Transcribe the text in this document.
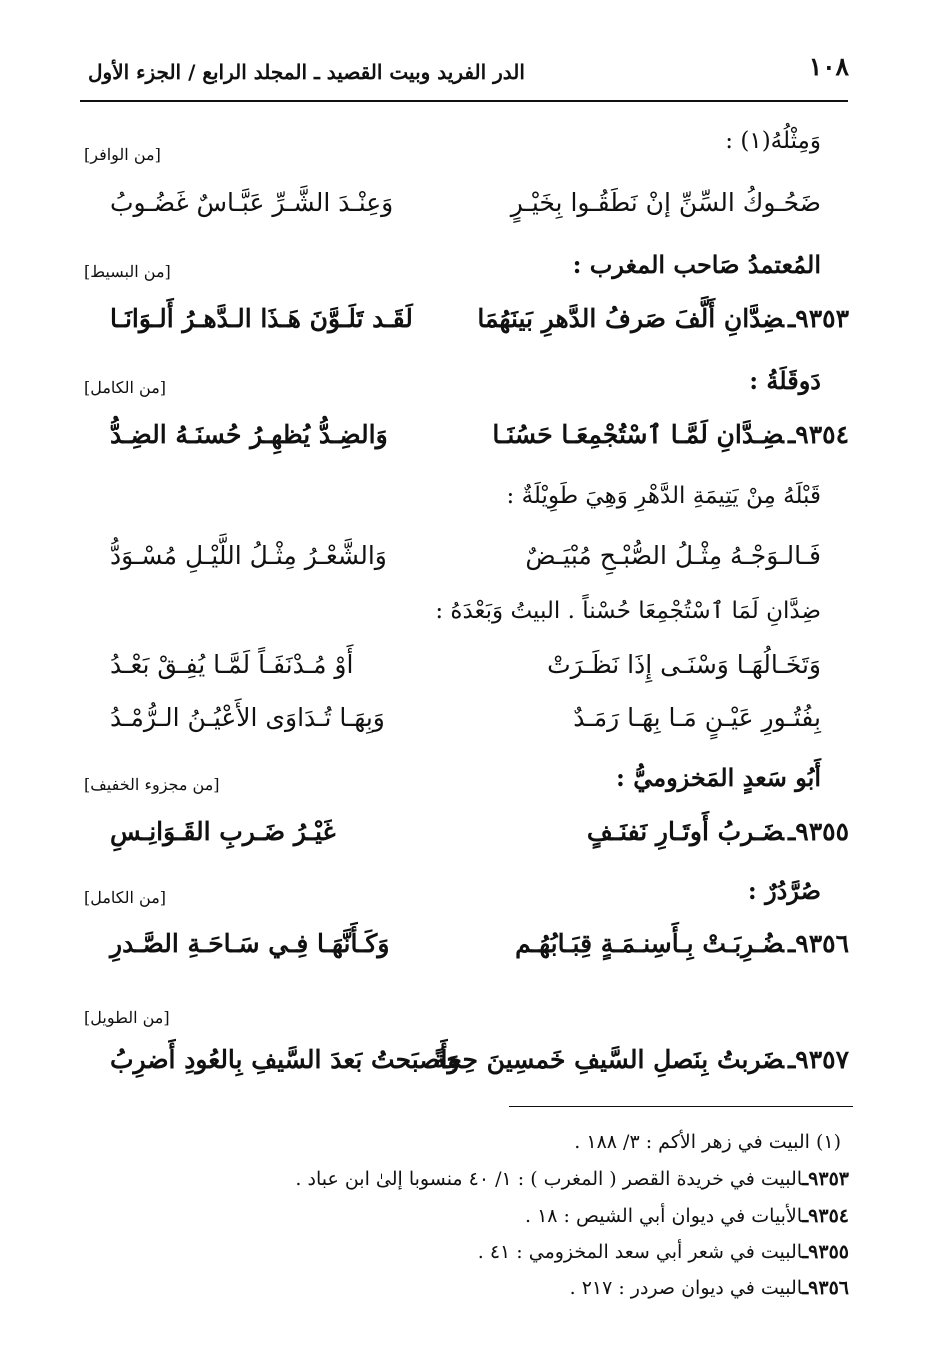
١٠٨
الدر الفريد وبيت القصيد ـ المجلد الرابع / الجزء الأول
وَمِثْلُهُ(١) :
[من الوافر]
ضَحُـوكُ السِّنِّ إنْ نَطَقُـوا بِخَيْـرٍ
وَعِنْـدَ الشَّـرِّ عَبَّـاسٌ غَضُـوبُ
المُعتمدُ صَاحب المغرب :
[من البسيط]
٩٣٥٣ـضِدَّانِ أَلَّفَ صَرفُ الدَّهرِ بَينَهُمَا
لَقَـد تَلَـوَّنَ هَـذَا الـدَّهـرُ أَلـوَانَـا
دَوقَلَةُ :
[من الكامل]
٩٣٥٤ـضِـدَّانِ لَمَّـا ٱسْتُجْمِعَـا حَسُنَـا
وَالضِـدُّ يُظهِـرُ حُسنَـهُ الضِـدُّ
قَبْلَهُ مِنْ يَتِيمَةِ الدَّهْرِ وَهِيَ طَوِيْلَةٌ :
فَـالـوَجْـهُ مِثْـلُ الصُّبْـحِ مُبْيَـضٌ
وَالشَّعْـرُ مِثْـلُ اللَّيْـلِ مُسْـوَدُّ
ضِدَّانِ لَمَا ٱسْتُجْمِعَا حُسْناً . البيتُ وَبَعْدَهُ :
وَتَخَـالُهَـا وَسْنَـى إِذَا نَظَـرَتْ
أَوْ مُـدْنَفَـاً لَمَّـا يُفِـقْ بَعْـدُ
بِفُتُـورِ عَيْـنٍ مَـا بِهَـا رَمَـدٌ
وَبِهَـا تُـدَاوَى الأَعْيُـنُ الـرُّمْـدُ
أَبُو سَعدٍ المَخزوميُّ :
[من مجزوء الخفيف]
٩٣٥٥ـضَـربُ أَوتَـارِ نَفنَـفٍ
غَيْـرُ ضَـربِ القَـوَانِـسِ
صُرَّدُرٌ :
[من الكامل]
٩٣٥٦ـضُـرِبَـتْ بِـأَسِنـمَـةٍ قِبَـابُهُـم
وَكَـأَنَّهَـا فِـي سَـاحَـةِ الصَّـدرِ
[من الطويل]
٩٣٥٧ـضَربتُ بِنَصلِ السَّيفِ خَمسِينَ حِجةً
وَأَصبَحتُ بَعدَ السَّيفِ بِالعُودِ أَضرِبُ
(١) البيت في زهر الأكم : ٣/ ١٨٨ .
٩٣٥٣ـالبيت في خريدة القصر ( المغرب ) : ١/ ٤٠ منسوبا إلىٰ ابن عباد .
٩٣٥٤ـالأبيات في ديوان أبي الشيص : ١٨ .
٩٣٥٥ـالبيت في شعر أبي سعد المخزومي : ٤١ .
٩٣٥٦ـالبيت في ديوان صردر : ٢١٧ .
